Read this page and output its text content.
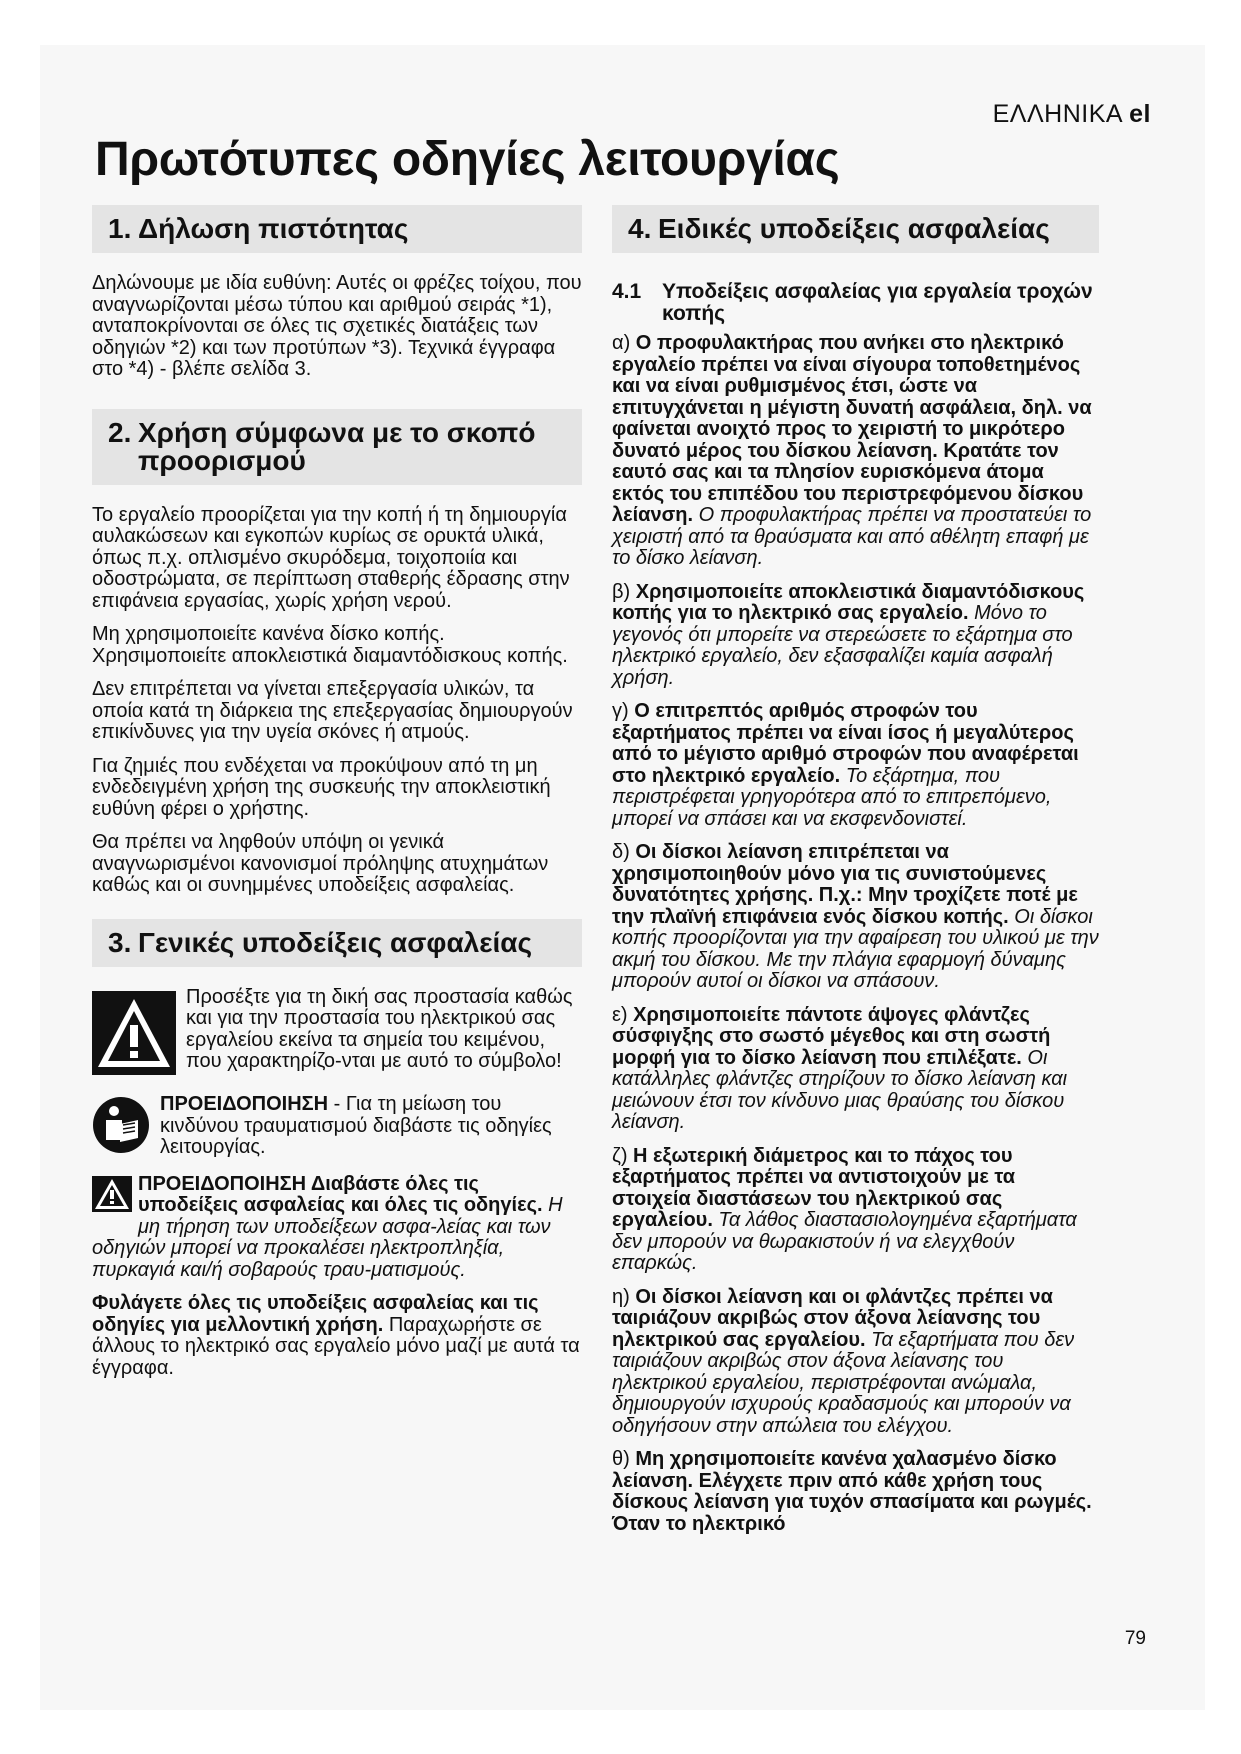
ΕΛΛΗΝΙΚΑ el
Πρωτότυπες οδηγίες λειτουργίας
1. Δήλωση πιστότητας

Δηλώνουμε με ιδία ευθύνη: Αυτές οι φρέζες τοίχου, που αναγνωρίζονται μέσω τύπου και αριθμού σειράς *1), ανταποκρίνονται σε όλες τις σχετικές διατάξεις των οδηγιών *2) και των προτύπων *3). Τεχνικά έγγραφα στο *4) - βλέπε σελίδα 3.

2. Χρήση σύμφωνα με το σκοπό προορισμού

Το εργαλείο προορίζεται για την κοπή ή τη δημιουργία αυλακώσεων και εγκοπών κυρίως σε ορυκτά υλικά, όπως π.χ. οπλισμένο σκυρόδεμα, τοιχοποιία και οδοστρώματα, σε περίπτωση σταθερής έδρασης στην επιφάνεια εργασίας, χωρίς χρήση νερού.

Μη χρησιμοποιείτε κανένα δίσκο κοπής. Χρησιμοποιείτε αποκλειστικά διαμαντόδισκους κοπής.

Δεν επιτρέπεται να γίνεται επεξεργασία υλικών, τα οποία κατά τη διάρκεια της επεξεργασίας δημιουργούν επικίνδυνες για την υγεία σκόνες ή ατμούς.

Για ζημιές που ενδέχεται να προκύψουν από τη μη ενδεδειγμένη χρήση της συσκευής την αποκλειστική ευθύνη φέρει ο χρήστης.

Θα πρέπει να ληφθούν υπόψη οι γενικά αναγνωρισμένοι κανονισμοί πρόληψης ατυχημάτων καθώς και οι συνημμένες υποδείξεις ασφαλείας.

3. Γενικές υποδείξεις ασφαλείας
Προσέξτε για τη δική σας προστασία καθώς και για την προστασία του ηλεκτρικού σας εργαλείου εκείνα τα σημεία του κειμένου, που χαρακτηρίζο-νται με αυτό το σύμβολο!
ΠΡΟΕΙΔΟΠΟΙΗΣΗ - Για τη μείωση του κινδύνου τραυματισμού διαβάστε τις οδηγίες λειτουργίας.
ΠΡΟΕΙΔΟΠΟΙΗΣΗ Διαβάστε όλες τις υποδείξεις ασφαλείας και όλες τις οδηγίες. Η μη τήρηση των υποδείξεων ασφα-λείας και των οδηγιών μπορεί να προκαλέσει ηλεκτροπληξία, πυρκαγιά και/ή σοβαρούς τραυ-ματισμούς.

Φυλάγετε όλες τις υποδείξεις ασφαλείας και τις οδηγίες για μελλοντική χρήση. Παραχωρήστε σε άλλους το ηλεκτρικό σας εργαλείο μόνο μαζί με αυτά τα έγγραφα.

4. Ειδικές υποδείξεις ασφαλείας
4.1 Υποδείξεις ασφαλείας για εργαλεία τροχών κοπής

α) Ο προφυλακτήρας που ανήκει στο ηλεκτρικό εργαλείο πρέπει να είναι σίγουρα τοποθετημένος και να είναι ρυθμισμένος έτσι, ώστε να επιτυγχάνεται η μέγιστη δυνατή ασφάλεια, δηλ. να φαίνεται ανοιχτό προς το χειριστή το μικρότερο δυνατό μέρος του δίσκου λείανση. Κρατάτε τον εαυτό σας και τα πλησίον ευρισκόμενα άτομα εκτός του επιπέδου του περιστρεφόμενου δίσκου λείανση. Ο προφυλακτήρας πρέπει να προστατεύει το χειριστή από τα θραύσματα και από αθέλητη επαφή με το δίσκο λείανση.

β) Χρησιμοποιείτε αποκλειστικά διαμαντόδισκους κοπής για το ηλεκτρικό σας εργαλείο. Μόνο το γεγονός ότι μπορείτε να στερεώσετε το εξάρτημα στο ηλεκτρικό εργαλείο, δεν εξασφαλίζει καμία ασφαλή χρήση.

γ) Ο επιτρεπτός αριθμός στροφών του εξαρτήματος πρέπει να είναι ίσος ή μεγαλύτερος από το μέγιστο αριθμό στροφών που αναφέρεται στο ηλεκτρικό εργαλείο. Το εξάρτημα, που περιστρέφεται γρηγορότερα από το επιτρεπόμενο, μπορεί να σπάσει και να εκσφενδονιστεί.

δ) Οι δίσκοι λείανση επιτρέπεται να χρησιμοποιηθούν μόνο για τις συνιστούμενες δυνατότητες χρήσης. Π.χ.: Μην τροχίζετε ποτέ με την πλαϊνή επιφάνεια ενός δίσκου κοπής. Οι δίσκοι κοπής προορίζονται για την αφαίρεση του υλικού με την ακμή του δίσκου. Με την πλάγια εφαρμογή δύναμης μπορούν αυτοί οι δίσκοι να σπάσουν.

ε) Χρησιμοποιείτε πάντοτε άψογες φλάντζες σύσφιγξης στο σωστό μέγεθος και στη σωστή μορφή για το δίσκο λείανση που επιλέξατε. Οι κατάλληλες φλάντζες στηρίζουν το δίσκο λείανση και μειώνουν έτσι τον κίνδυνο μιας θραύσης του δίσκου λείανση.

ζ) Η εξωτερική διάμετρος και το πάχος του εξαρτήματος πρέπει να αντιστοιχούν με τα στοιχεία διαστάσεων του ηλεκτρικού σας εργαλείου. Τα λάθος διαστασιολογημένα εξαρτήματα δεν μπορούν να θωρακιστούν ή να ελεγχθούν επαρκώς.

η) Οι δίσκοι λείανση και οι φλάντζες πρέπει να ταιριάζουν ακριβώς στον άξονα λείανσης του ηλεκτρικού σας εργαλείου. Τα εξαρτήματα που δεν ταιριάζουν ακριβώς στον άξονα λείανσης του ηλεκτρικού εργαλείου, περιστρέφονται ανώμαλα, δημιουργούν ισχυρούς κραδασμούς και μπορούν να οδηγήσουν στην απώλεια του ελέγχου.

θ) Μη χρησιμοποιείτε κανένα χαλασμένο δίσκο λείανση. Ελέγχετε πριν από κάθε χρήση τους δίσκους λείανση για τυχόν σπασίματα και ρωγμές. Όταν το ηλεκτρικό

79
